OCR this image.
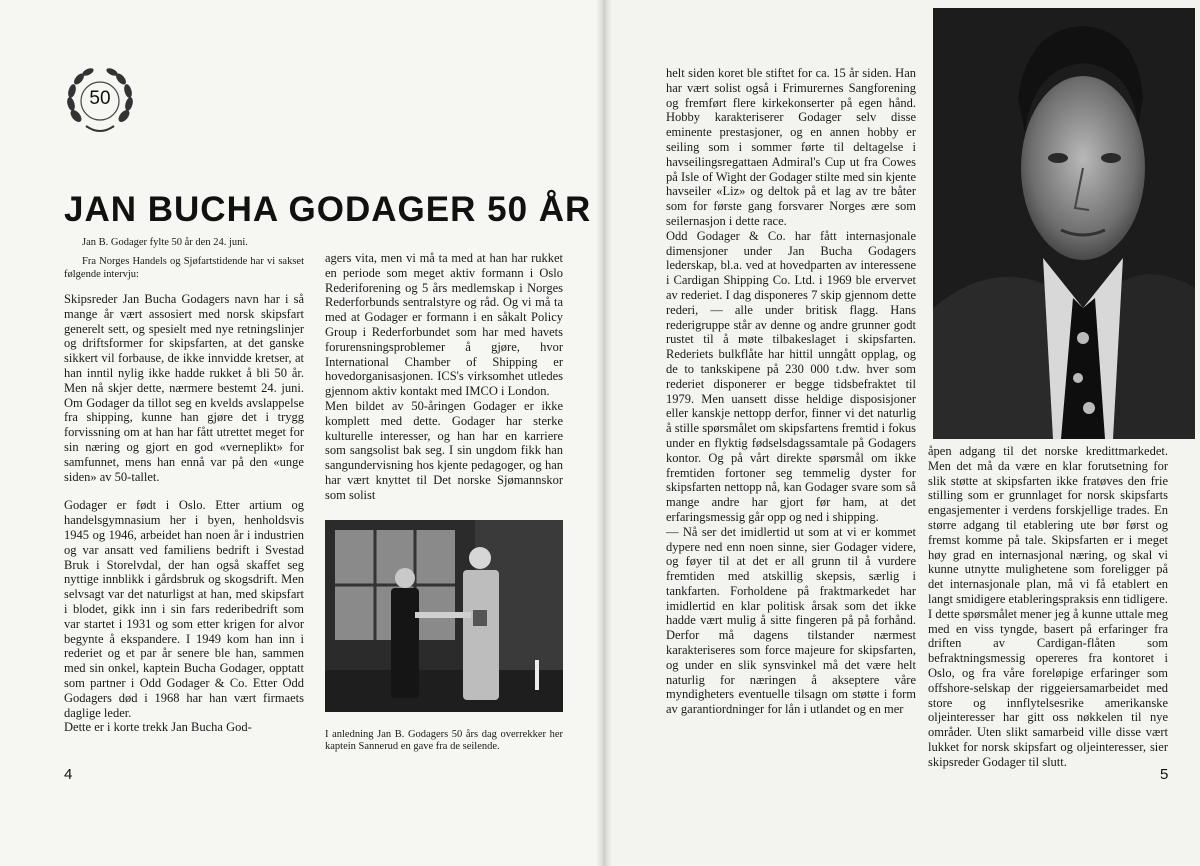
50
JAN BUCHA GODAGER 50 ÅR

Jan B. Godager fylte 50 år den 24. juni.

Fra Norges Handels og Sjøfartstidende har vi sakset følgende intervju:

Skipsreder Jan Bucha Godagers navn har i så mange år vært assosiert med norsk skipsfart generelt sett, og spesielt med nye retningslinjer og driftsformer for skipsfarten, at det ganske sikkert vil forbause, de ikke innvidde kretser, at han inntil nylig ikke hadde rukket å bli 50 år. Men nå skjer dette, nærmere bestemt 24. juni. Om Godager da tillot seg en kvelds avslappelse fra shipping, kunne han gjøre det i trygg forvissning om at han har fått utrettet meget for sin næring og gjort en god «verneplikt» for samfunnet, mens han ennå var på den «unge siden» av 50-tallet.

Godager er født i Oslo. Etter artium og handelsgymnasium her i byen, henholdsvis 1945 og 1946, arbeidet han noen år i industrien og var ansatt ved familiens bedrift i Svestad Bruk i Storelvdal, der han også skaffet seg nyttige innblikk i gårdsbruk og skogsdrift. Men selvsagt var det naturligst at han, med skipsfart i blodet, gikk inn i sin fars rederibedrift som var startet i 1931 og som etter krigen for alvor begynte å ekspandere. I 1949 kom han inn i rederiet og et par år senere ble han, sammen med sin onkel, kaptein Bucha Godager, opptatt som partner i Odd Godager & Co. Etter Odd Godagers død i 1968 har han vært firmaets daglige leder.

Dette er i korte trekk Jan Bucha God-

agers vita, men vi må ta med at han har rukket en periode som meget aktiv formann i Oslo Rederiforening og 5 års medlemskap i Norges Rederforbunds sentralstyre og råd. Og vi må ta med at Godager er formann i en såkalt Policy Group i Rederforbundet som har med havets forurensningsproblemer å gjøre, hvor International Chamber of Shipping er hovedorganisasjonen. ICS's virksomhet utledes gjennom aktiv kontakt med IMCO i London.

Men bildet av 50-åringen Godager er ikke komplett med dette. Godager har sterke kulturelle interesser, og han har en karriere som sangsolist bak seg. I sin ungdom fikk han sangundervisning hos kjente pedagoger, og han har vært knyttet til Det norske Sjømannskor som solist

I anledning Jan B. Godagers 50 års dag overrekker her kaptein Sannerud en gave fra de seilende.

4

helt siden koret ble stiftet for ca. 15 år siden. Han har vært solist også i Frimurernes Sangforening og fremført flere kirkekonserter på egen hånd. Hobby karakteriserer Godager selv disse eminente prestasjoner, og en annen hobby er seiling som i sommer førte til deltagelse i havseilingsregattaen Admiral's Cup ut fra Cowes på Isle of Wight der Godager stilte med sin kjente havseiler «Liz» og deltok på et lag av tre båter som for første gang forsvarer Norges ære som seilernasjon i dette race.

Odd Godager & Co. har fått internasjonale dimensjoner under Jan Bucha Godagers lederskap, bl.a. ved at hovedparten av interessene i Cardigan Shipping Co. Ltd. i 1969 ble ervervet av rederiet. I dag disponeres 7 skip gjennom dette rederi, — alle under britisk flagg. Hans rederigruppe står av denne og andre grunner godt rustet til å møte tilbakeslaget i skipsfarten. Rederiets bulkflåte har hittil unngått opplag, og de to tankskipene på 230 000 t.dw. hver som rederiet disponerer er begge tidsbefraktet til 1979. Men uansett disse heldige disposisjoner eller kanskje nettopp derfor, finner vi det naturlig å stille spørsmålet om skipsfartens fremtid i fokus under en flyktig fødselsdagssamtale på Godagers kontor. Og på vårt direkte spørsmål om ikke fremtiden fortoner seg temmelig dyster for skipsfarten nettopp nå, kan Godager svare som så mange andre har gjort før ham, at det erfaringsmessig går opp og ned i shipping.

— Nå ser det imidlertid ut som at vi er kommet dypere ned enn noen sinne, sier Godager videre, og føyer til at det er all grunn til å vurdere fremtiden med atskillig skepsis, særlig i tankfarten. Forholdene på fraktmarkedet har imidlertid en klar politisk årsak som det ikke hadde vært mulig å sitte fingeren på på forhånd. Derfor må dagens tilstander nærmest karakteriseres som force majeure for skipsfarten, og under en slik synsvinkel må det være helt naturlig for næringen å akseptere våre myndigheters eventuelle tilsagn om støtte i form av garantiordninger for lån i utlandet og en mer

åpen adgang til det norske kredittmarkedet. Men det må da være en klar forutsetning for slik støtte at skipsfarten ikke fratøves den frie stilling som er grunnlaget for norsk skipsfarts engasjementer i verdens forskjellige trades. En større adgang til etablering ute bør først og fremst komme på tale. Skipsfarten er i meget høy grad en internasjonal næring, og skal vi kunne utnytte mulighetene som foreligger på det internasjonale plan, må vi få etablert en langt smidigere etableringspraksis enn tidligere.

I dette spørsmålet mener jeg å kunne uttale meg med en viss tyngde, basert på erfaringer fra driften av Cardigan-flåten som befraktningsmessig opereres fra kontoret i Oslo, og fra våre foreløpige erfaringer som offshore-selskap der riggeiersamarbeidet med store og innflytelsesrike amerikanske oljeinteresser har gitt oss nøkkelen til nye områder. Uten slikt samarbeid ville disse vært lukket for norsk skipsfart og oljeinteresser, sier skipsreder Godager til slutt.

5
